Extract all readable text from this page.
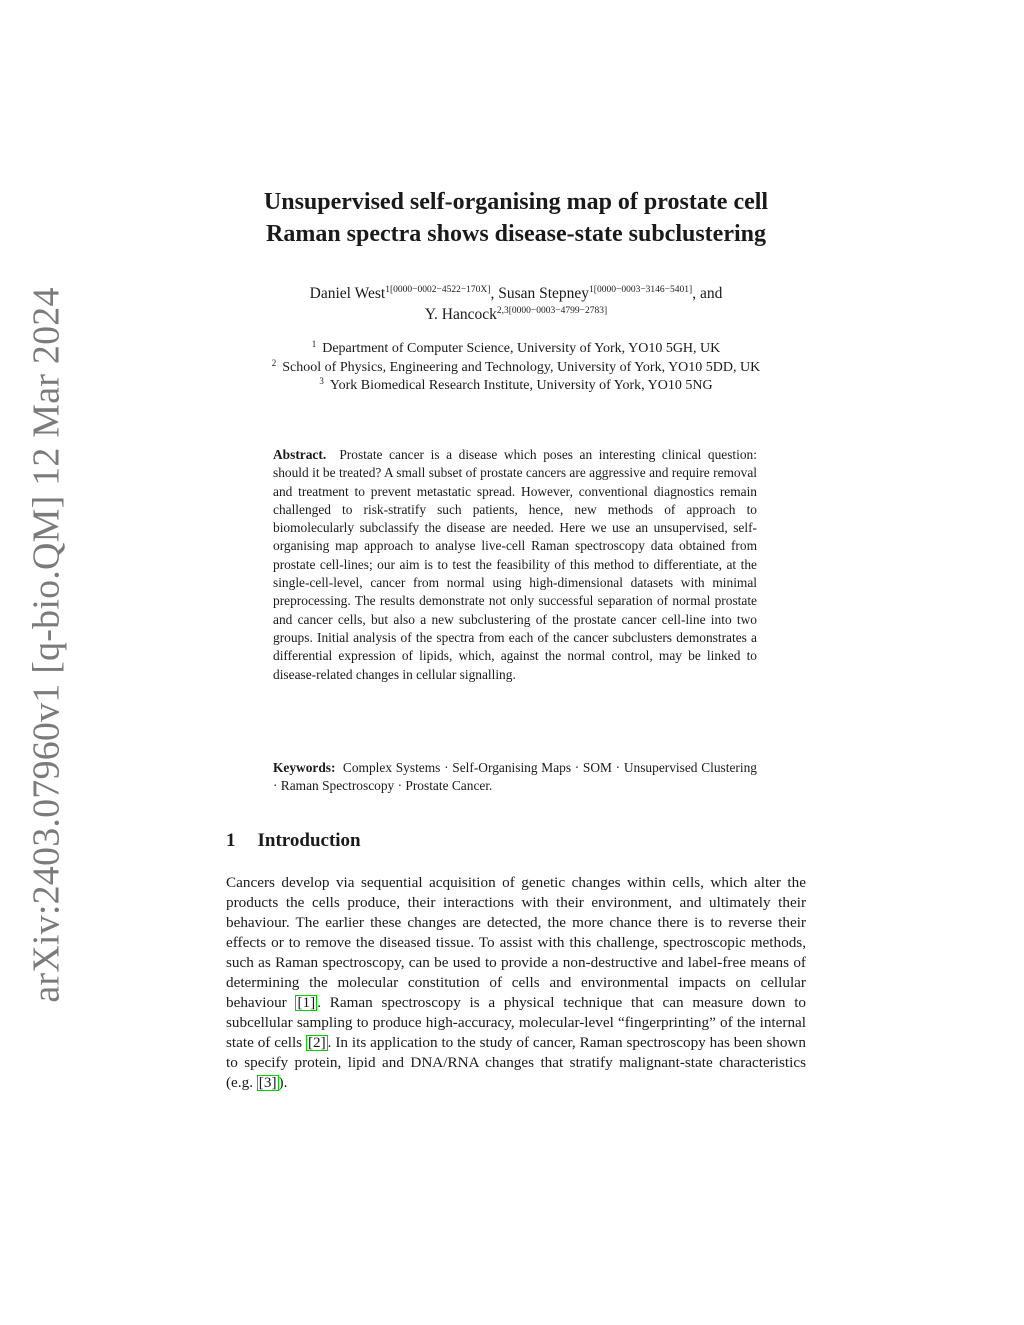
arXiv:2403.07960v1 [q-bio.QM] 12 Mar 2024
Unsupervised self-organising map of prostate cell
Raman spectra shows disease-state subclustering
Daniel West$^{1[0000-0002-4522-170X]}$, Susan Stepney$^{1[0000-0003-3146-5401]}$, and
Y. Hancock$^{2,3[0000-0003-4799-2783]}$
$^1$ Department of Computer Science, University of York, YO10 5GH, UK
$^2$ School of Physics, Engineering and Technology, University of York, YO10 5DD, UK
$^3$ York Biomedical Research Institute, University of York, YO10 5NG
Abstract. Prostate cancer is a disease which poses an interesting clinical question: should it be treated? A small subset of prostate cancers are aggressive and require removal and treatment to prevent metastatic spread. However, conventional diagnostics remain challenged to risk-stratify such patients, hence, new methods of approach to biomolecularly subclassify the disease are needed. Here we use an unsupervised, self-organising map approach to analyse live-cell Raman spectroscopy data obtained from prostate cell-lines; our aim is to test the feasibility of this method to differentiate, at the single-cell-level, cancer from normal using high-dimensional datasets with minimal preprocessing. The results demonstrate not only successful separation of normal prostate and cancer cells, but also a new subclustering of the prostate cancer cell-line into two groups. Initial analysis of the spectra from each of the cancer subclusters demonstrates a differential expression of lipids, which, against the normal control, may be linked to disease-related changes in cellular signalling.
Keywords: Complex Systems · Self-Organising Maps · SOM · Unsupervised Clustering · Raman Spectroscopy · Prostate Cancer.
1 Introduction
Cancers develop via sequential acquisition of genetic changes within cells, which alter the products the cells produce, their interactions with their environment, and ultimately their behaviour. The earlier these changes are detected, the more chance there is to reverse their effects or to remove the diseased tissue. To assist with this challenge, spectroscopic methods, such as Raman spectroscopy, can be used to provide a non-destructive and label-free means of determining the molecular constitution of cells and environmental impacts on cellular behaviour [1] . Raman spectroscopy is a physical technique that can measure down to subcellular sampling to produce high-accuracy, molecular-level “fingerprinting” of the internal state of cells [2] . In its application to the study of cancer, Raman spectroscopy has been shown to specify protein, lipid and DNA/RNA changes that stratify malignant-state characteristics (e.g. [3] ).
